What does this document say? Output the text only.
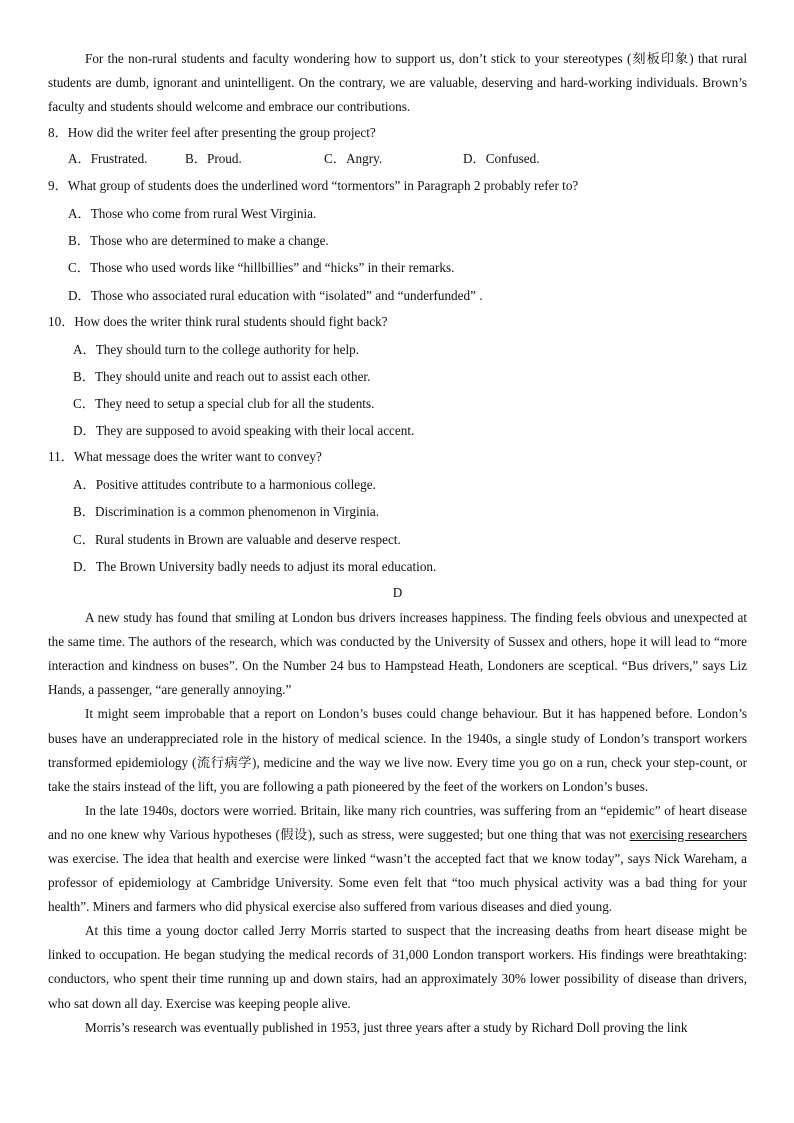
For the non-rural students and faculty wondering how to support us, don’t stick to your stereotypes (刻板印象) that rural students are dumb, ignorant and unintelligent. On the contrary, we are valuable, deserving and hard-working individuals. Brown’s faculty and students should welcome and embrace our contributions.

8．How did the writer feel after presenting the group project?

A．Frustrated.	B．Proud.	C．Angry.	D．Confused.

9．What group of students does the underlined word “tormentors” in Paragraph 2 probably refer to?

A．Those who come from rural West Virginia.

B．Those who are determined to make a change.

C．Those who used words like “hillbillies” and “hicks” in their remarks.

D．Those who associated rural education with “isolated” and “underfunded” .

10．How does the writer think rural students should fight back?

A．They should turn to the college authority for help.

B．They should unite and reach out to assist each other.

C．They need to setup a special club for all the students.

D．They are supposed to avoid speaking with their local accent.

11．What message does the writer want to convey?

A．Positive attitudes contribute to a harmonious college.

B．Discrimination is a common phenomenon in Virginia.

C．Rural students in Brown are valuable and deserve respect.

D．The Brown University badly needs to adjust its moral education.

D

A new study has found that smiling at London bus drivers increases happiness. The finding feels obvious and unexpected at the same time. The authors of the research, which was conducted by the University of Sussex and others, hope it will lead to “more interaction and kindness on buses”. On the Number 24 bus to Hampstead Heath, Londoners are sceptical. “Bus drivers,” says Liz Hands, a passenger, “are generally annoying.”

It might seem improbable that a report on London’s buses could change behaviour. But it has happened before. London’s buses have an underappreciated role in the history of medical science. In the 1940s, a single study of London’s transport workers transformed epidemiology (流行病学), medicine and the way we live now. Every time you go on a run, check your step-count, or take the stairs instead of the lift, you are following a path pioneered by the feet of the workers on London’s buses.

In the late 1940s, doctors were worried. Britain, like many rich countries, was suffering from an “epidemic” of heart disease and no one knew why Various hypotheses (假设), such as stress, were suggested; but one thing that was not exercising researchers was exercise. The idea that health and exercise were linked “wasn’t the accepted fact that we know today”, says Nick Wareham, a professor of epidemiology at Cambridge University. Some even felt that “too much physical activity was a bad thing for your health”. Miners and farmers who did physical exercise also suffered from various diseases and died young.

At this time a young doctor called Jerry Morris started to suspect that the increasing deaths from heart disease might be linked to occupation. He began studying the medical records of 31,000 London transport workers. His findings were breathtaking: conductors, who spent their time running up and down stairs, had an approximately 30% lower possibility of disease than drivers, who sat down all day. Exercise was keeping people alive.

Morris’s research was eventually published in 1953, just three years after a study by Richard Doll proving the link
